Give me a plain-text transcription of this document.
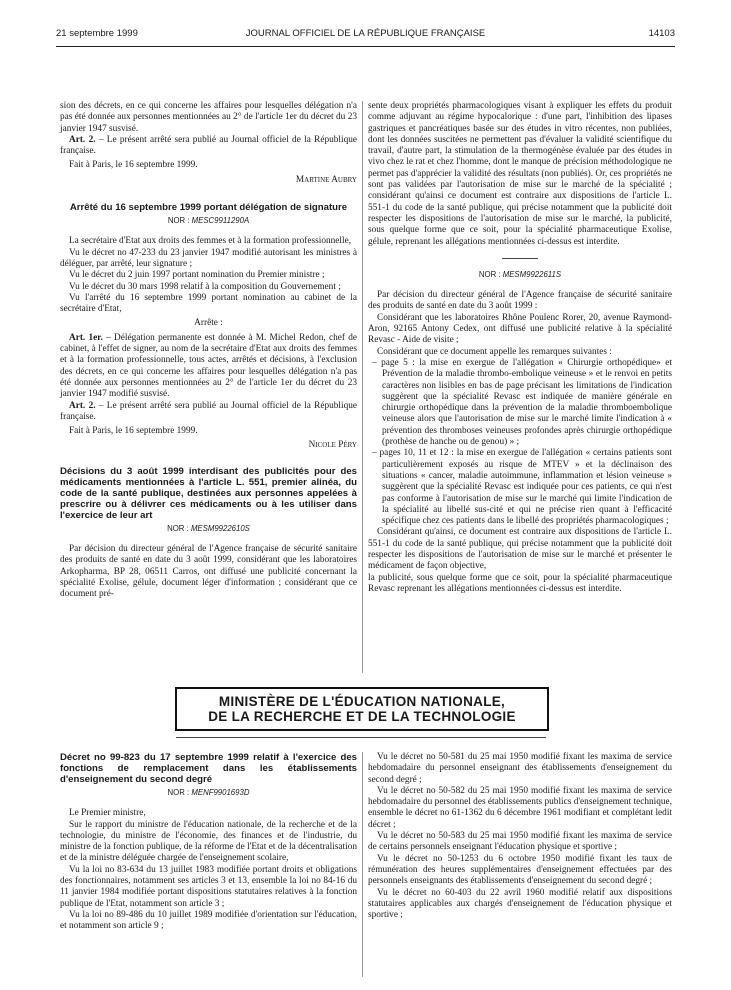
21 septembre 1999	JOURNAL OFFICIEL DE LA RÉPUBLIQUE FRANÇAISE	14103

sion des décrets, en ce qui concerne les affaires pour lesquelles délégation n'a pas été donnée aux personnes mentionnées au 2° de l'article 1er du décret du 23 janvier 1947 susvisé.

Art. 2. – Le présent arrêté sera publié au Journal officiel de la République française.

Fait à Paris, le 16 septembre 1999.

Martine Aubry

Arrêté du 16 septembre 1999 portant délégation de signature
NOR : MESC9911290A

La secrétaire d'Etat aux droits des femmes et à la formation professionnelle,

Vu le décret no 47-233 du 23 janvier 1947 modifié autorisant les ministres à déléguer, par arrêté, leur signature ;

Vu le décret du 2 juin 1997 portant nomination du Premier ministre ;

Vu le décret du 30 mars 1998 relatif à la composition du Gouvernement ;

Vu l'arrêté du 16 septembre 1999 portant nomination au cabinet de la secrétaire d'Etat,

Arrête :

Art. 1er. – Délégation permanente est donnée à M. Michel Redon, chef de cabinet, à l'effet de signer, au nom de la secrétaire d'Etat aux droits des femmes et à la formation professionnelle, tous actes, arrêtés et décisions, à l'exclusion des décrets, en ce qui concerne les affaires pour lesquelles délégation n'a pas été donnée aux personnes mentionnées au 2° de l'article 1er du décret du 23 janvier 1947 modifié susvisé.

Art. 2. – Le présent arrêté sera publié au Journal officiel de la République française.

Fait à Paris, le 16 septembre 1999.

Nicole Péry

Décisions du 3 août 1999 interdisant des publicités pour des médicaments mentionnées à l'article L. 551, premier alinéa, du code de la santé publique, destinées aux personnes appelées à prescrire ou à délivrer ces médicaments ou à les utiliser dans l'exercice de leur art
NOR : MESM9922610S

Par décision du directeur général de l'Agence française de sécurité sanitaire des produits de santé en date du 3 août 1999, considérant que les laboratoires Arkopharma, BP 28, 06511 Carros, ont diffusé une publicité concernant la spécialité Exolise, gélule, document léger d'information ; considérant que ce document pré-

sente deux propriétés pharmacologiques visant à expliquer les effets du produit comme adjuvant au régime hypocalorique : d'une part, l'inhibition des lipases gastriques et pancréatiques basée sur des études in vitro récentes, non publiées, dont les données suscitées ne permettent pas d'évaluer la validité scientifique du travail, d'autre part, la stimulation de la thermogénèse évaluée par des études in vivo chez le rat et chez l'homme, dont le manque de précision méthodologique ne permet pas d'apprécier la validité des résultats (non publiés). Or, ces propriétés ne sont pas validées par l'autorisation de mise sur le marché de la spécialité ; considérant qu'ainsi ce document est contraire aux dispositions de l'article L. 551-1 du code de la santé publique, qui précise notamment que la publicité doit respecter les dispositions de l'autorisation de mise sur le marché, la publicité, sous quelque forme que ce soit, pour la spécialité pharmaceutique Exolise, gélule, reprenant les allégations mentionnées ci-dessus est interdite.

NOR : MESM9922611S

Par décision du directeur général de l'Agence française de sécurité sanitaire des produits de santé en date du 3 août 1999 :

Considérant que les laboratoires Rhône Poulenc Rorer, 20, avenue Raymond-Aron, 92165 Antony Cedex, ont diffusé une publicité relative à la spécialité Revasc - Aide de visite ;

Considérant que ce document appelle les remarques suivantes :

– page 5 : la mise en exergue de l'allégation « Chirurgie orthopédique» et Prévention de la maladie thrombo-embolique veineuse » et le renvoi en petits caractères non lisibles en bas de page précisant les limitations de l'indication suggèrent que la spécialité Revasc est indiquée de manière générale en chirurgie orthopédique dans la prévention de la maladie thromboembolique veineuse alors que l'autorisation de mise sur le marché limite l'indication à « prévention des thromboses veineuses profondes après chirurgie orthopédique (prothèse de hanche ou de genou) » ;

– pages 10, 11 et 12 : la mise en exergue de l'allégation « certains patients sont particulièrement exposés au risque de MTEV » et la déclinaison des situations « cancer, maladie autoimmune, inflammation et lésion veineuse » suggèrent que la spécialité Revasc est indiquée pour ces patients, ce qui n'est pas conforme à l'autorisation de mise sur le marché qui limite l'indication de la spécialité au libellé sus-cité et qui ne précise rien quant à l'efficacité spécifique chez ces patients dans le libellé des propriétés pharmacologiques ;

Considérant qu'ainsi, ce document est contraire aux dispositions de l'article L. 551-1 du code de la santé publique, qui précise notamment que la publicité doit respecter les dispositions de l'autorisation de mise sur le marché et présenter le médicament de façon objective,

la publicité, sous quelque forme que ce soit, pour la spécialité pharmaceutique Revasc reprenant les allégations mentionnées ci-dessus est interdite.

MINISTÈRE DE L'ÉDUCATION NATIONALE,
DE LA RECHERCHE ET DE LA TECHNOLOGIE
Décret no 99-823 du 17 septembre 1999 relatif à l'exercice des fonctions de remplacement dans les établissements d'enseignement du second degré
NOR : MENF9901693D

Le Premier ministre,

Sur le rapport du ministre de l'éducation nationale, de la recherche et de la technologie, du ministre de l'économie, des finances et de l'industrie, du ministre de la fonction publique, de la réforme de l'Etat et de la décentralisation et de la ministre déléguée chargée de l'enseignement scolaire,

Vu la loi no 83-634 du 13 juillet 1983 modifiée portant droits et obligations des fonctionnaires, notamment ses articles 3 et 13, ensemble la loi no 84-16 du 11 janvier 1984 modifiée portant dispositions statutaires relatives à la fonction publique de l'Etat, notamment son article 3 ;

Vu la loi no 89-486 du 10 juillet 1989 modifiée d'orientation sur l'éducation, et notamment son article 9 ;

Vu le décret no 50-581 du 25 mai 1950 modifié fixant les maxima de service hebdomadaire du personnel enseignant des établissements d'enseignement du second degré ;

Vu le décret no 50-582 du 25 mai 1950 modifié fixant les maxima de service hebdomadaire du personnel des établissements publics d'enseignement technique, ensemble le décret no 61-1362 du 6 décembre 1961 modifiant et complétant ledit décret ;

Vu le décret no 50-583 du 25 mai 1950 modifié fixant les maxima de service de certains personnels enseignant l'éducation physique et sportive ;

Vu le décret no 50-1253 du 6 octobre 1950 modifié fixant les taux de rémunération des heures supplémentaires d'enseignement effectuées par des personnels enseignants des établissements d'enseignement du second degré ;

Vu le décret no 60-403 du 22 avril 1960 modifié relatif aux dispositions statutaires applicables aux chargés d'enseignement de l'éducation physique et sportive ;
